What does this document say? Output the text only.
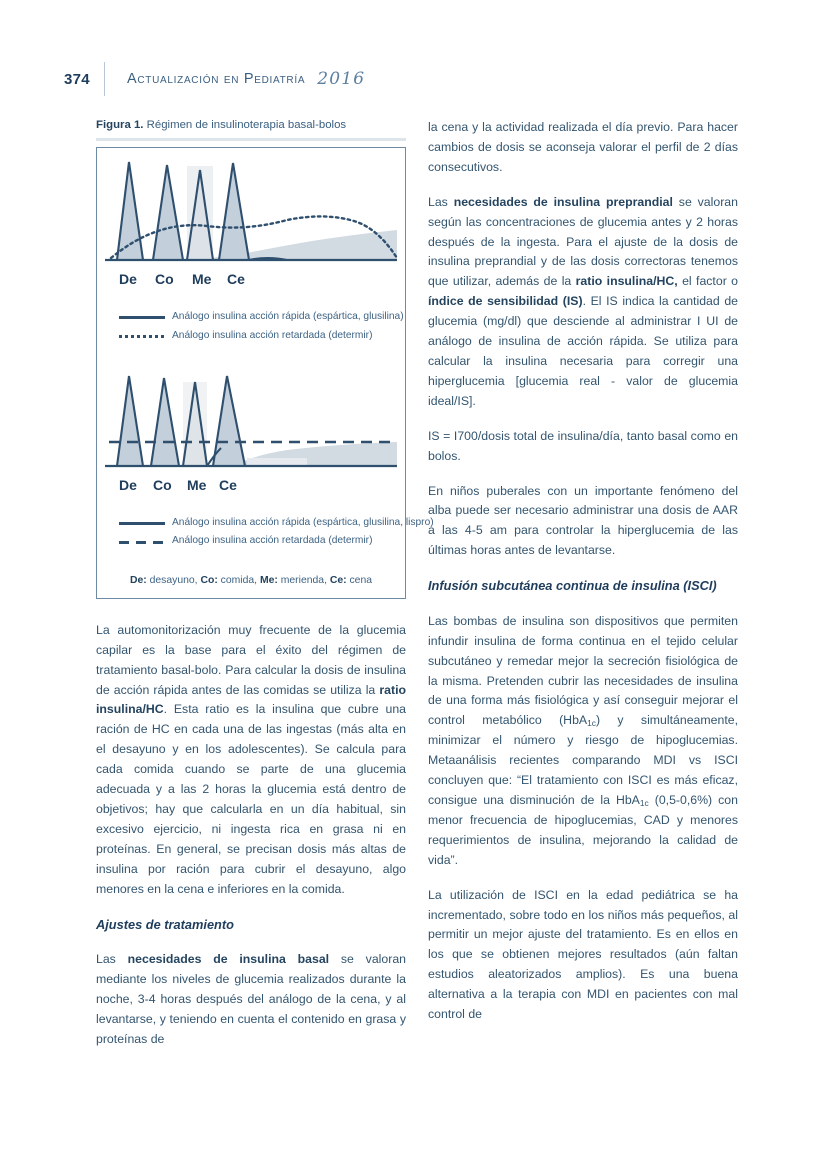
374	Actualización en Pediatría 2016

Figura 1. Régimen de insulinoterapia basal-bolos

De Co Me Ce
Análogo insulina acción rápida (espártica, glusilina)
Análogo insulina acción retardada (determir)
De Co Me Ce
Análogo insulina acción rápida (espártica, glusilina, lispro)
Análogo insulina acción retardada (determir)

De: desayuno, Co: comida, Me: merienda, Ce: cena

La automonitorización muy frecuente de la glucemia capilar es la base para el éxito del régimen de tratamiento basal-bolo. Para calcular la dosis de insulina de acción rápida antes de las comidas se utiliza la ratio insulina/HC. Esta ratio es la insulina que cubre una ración de HC en cada una de las ingestas (más alta en el desayuno y en los adolescentes). Se calcula para cada comida cuando se parte de una glucemia adecuada y a las 2 horas la glucemia está dentro de objetivos; hay que calcularla en un día habitual, sin excesivo ejercicio, ni ingesta rica en grasa ni en proteínas. En general, se precisan dosis más altas de insulina por ración para cubrir el desayuno, algo menores en la cena e inferiores en la comida.

Ajustes de tratamiento

Las necesidades de insulina basal se valoran mediante los niveles de glucemia realizados durante la noche, 3-4 horas después del análogo de la cena, y al levantarse, y teniendo en cuenta el contenido en grasa y proteínas de

la cena y la actividad realizada el día previo. Para hacer cambios de dosis se aconseja valorar el perfil de 2 días consecutivos.

Las necesidades de insulina preprandial se valoran según las concentraciones de glucemia antes y 2 horas después de la ingesta. Para el ajuste de la dosis de insulina preprandial y de las dosis correctoras tenemos que utilizar, además de la ratio insulina/HC, el factor o índice de sensibilidad (IS). El IS indica la cantidad de glucemia (mg/dl) que desciende al administrar I UI de análogo de insulina de acción rápida. Se utiliza para calcular la insulina necesaria para corregir una hiperglucemia [glucemia real - valor de glucemia ideal/IS].

IS = I700/dosis total de insulina/día, tanto basal como en bolos.

En niños puberales con un importante fenómeno del alba puede ser necesario administrar una dosis de AAR a las 4-5 am para controlar la hiperglucemia de las últimas horas antes de levantarse.

Infusión subcutánea continua de insulina (ISCI)

Las bombas de insulina son dispositivos que permiten infundir insulina de forma continua en el tejido celular subcutáneo y remedar mejor la secreción fisiológica de la misma. Pretenden cubrir las necesidades de insulina de una forma más fisiológica y así conseguir mejorar el control metabólico (HbA$_{1c}$) y simultáneamente, minimizar el número y riesgo de hipoglucemias. Metaanálisis recientes comparando MDI vs ISCI concluyen que: “El tratamiento con ISCI es más eficaz, consigue una disminución de la HbA$_{1c}$ (0,5-0,6%) con menor frecuencia de hipoglucemias, CAD y menores requerimientos de insulina, mejorando la calidad de vida”.

La utilización de ISCI en la edad pediátrica se ha incrementado, sobre todo en los niños más pequeños, al permitir un mejor ajuste del tratamiento. Es en ellos en los que se obtienen mejores resultados (aún faltan estudios aleatorizados amplios). Es una buena alternativa a la terapia con MDI en pacientes con mal control de
